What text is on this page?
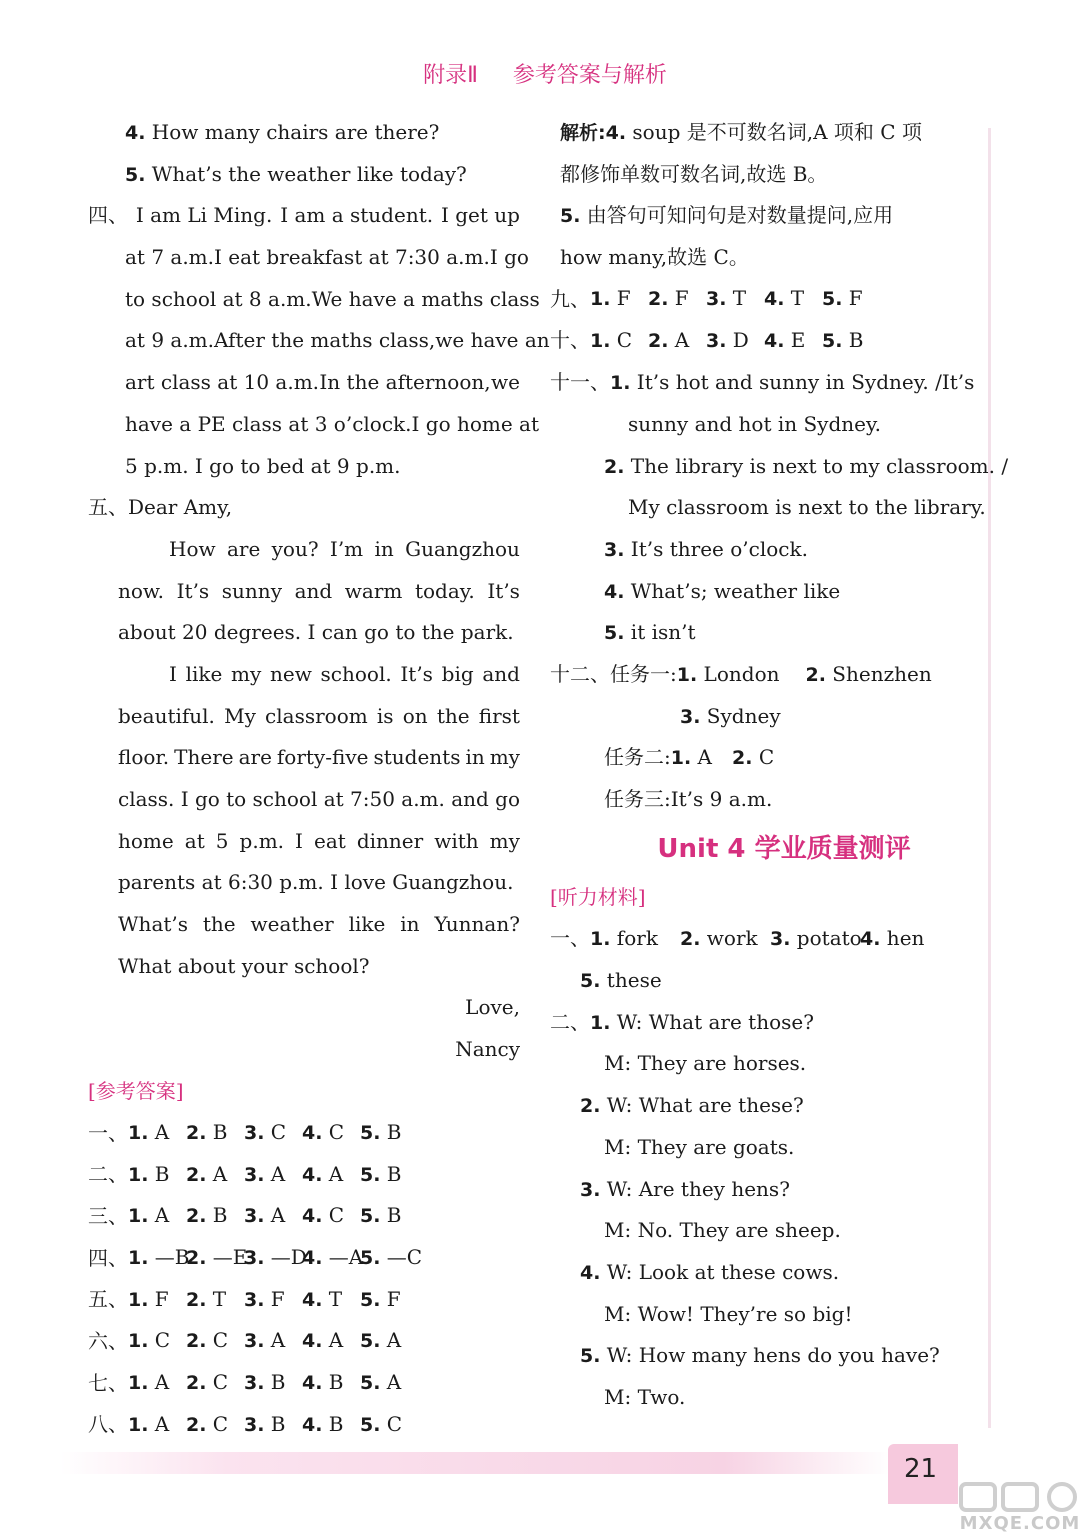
附录Ⅱ 参考答案与解析
4. How many chairs are there?
5. What’s the weather like today?
四、 I am Li Ming. I am a student. I get up
at 7 a.m. I eat breakfast at 7:30 a.m. I go
to school at 8 a.m. We have a maths class
at 9 a.m. After the maths class, we have an
art class at 10 a.m. In the afternoon, we
have a PE class at 3 o’clock. I go home at
5 p.m. I go to bed at 9 p.m.
五、Dear Amy,
How are you? I’m in Guangzhou
now. It’s sunny and warm today. It’s
about 20 degrees. I can go to the park.
I like my new school. It’s big and
beautiful. My classroom is on the first
floor. There are forty-five students in my
class. I go to school at 7:50 a.m. and go
home at 5 p.m. I eat dinner with my
parents at 6:30 p.m. I love Guangzhou.
What’s the weather like in Yunnan?
What about your school?
Love,
Nancy
[参考答案]
一、 1. A 2. B 3. C 4. C 5. B
二、 1. B 2. A 3. A 4. A 5. B
三、 1. A 2. B 3. A 4. C 5. B
四、 1. —B
2. —E
3. —D
4. —A
5. —C
五、 1. F 2. T 3. F 4. T 5. F
六、 1. C 2. C 3. A 4. A 5. A
七、 1. A 2. C 3. B 4. B 5. A
八、 1. A 2. C 3. B 4. B 5. C
解析:4. soup 是不可数名词,A 项和 C 项
都修饰单数可数名词,故选 B。
5. 由答句可知问句是对数量提问,应用
how many,故选 C。
九、 1. F 2. F 3. T 4. T 5. F
十、 1. C 2. A 3. D 4. E 5. B
十一、1. It’s hot and sunny in Sydney. /It’s
sunny and hot in Sydney.
2. The library is next to my classroom. /
My classroom is next to the library.
3. It’s three o’clock.
4. What’s; weather like
5. it isn’t
十二、任务一:1. London 2. Shenzhen
3. Sydney
任务二:1. A 2. C
任务三:It’s 9 a.m.
Unit 4 学业质量测评
[听力材料]
一、 1. fork	2. work 3. potato
4. hen
5. these
二、1. W: What are those?
M: They are horses.
2. W: What are these?
M: They are goats.
3. W: Are they hens?
M: No. They are sheep.
4. W: Look at these cows.
M: Wow! They’re so big!
5. W: How many hens do you have?
M: Two.
21
MXQE.COM
